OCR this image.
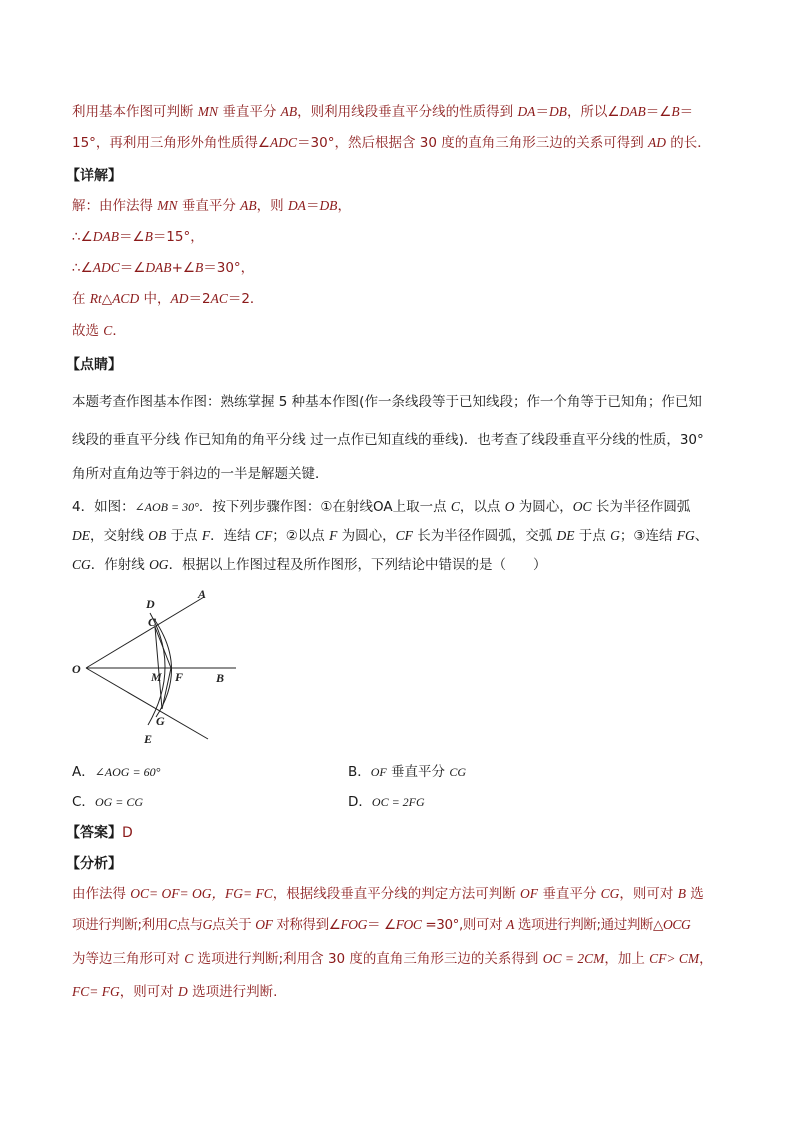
利用基本作图可判断 MN 垂直平分 AB，则利用线段垂直平分线的性质得到 DA＝DB，所以∠DAB＝∠B＝
15°，再利用三角形外角性质得∠ADC＝30°，然后根据含 30 度的直角三角形三边的关系可得到 AD 的长．
【详解】
解：由作法得 MN 垂直平分 AB，则 DA＝DB，
∴∠DAB＝∠B＝15°，
∴∠ADC＝∠DAB+∠B＝30°，
在 Rt△ACD 中，AD＝2AC＝2．
故选 C．
【点睛】
本题考查作图基本作图：熟练掌握 5 种基本作图(作一条线段等于已知线段；作一个角等于已知角；作已知
线段的垂直平分线 作已知角的角平分线 过一点作已知直线的垂线)．也考查了线段垂直平分线的性质，30°
角所对直角边等于斜边的一半是解题关键．
4．如图：∠AOB = 30°．按下列步骤作图：①在射线OA上取一点 C，以点 O 为圆心，OC 长为半径作圆弧
DE，交射线 OB 于点 F．连结 CF；②以点 F 为圆心，CF 长为半径作圆弧，交弧 DE 于点 G；③连结 FG、
CG．作射线 OG．根据以上作图过程及所作图形，下列结论中错误的是（　　）
D
A
C
O
M F	B
G
E
A．∠AOG = 60°	B．OF 垂直平分 CG
C．OG = CG	D．OC = 2FG
【答案】D
【分析】
由作法得 OC= OF= OG，FG= FC，根据线段垂直平分线的判定方法可判断 OF 垂直平分 CG，则可对 B 选
项进行判断;利用C点与G点关于 OF 对称得到∠FOG＝ ∠FOC =30°,则可对 A 选项进行判断;通过判断△OCG
为等边三角形可对 C 选项进行判断;利用含 30 度的直角三角形三边的关系得到 OC = 2CM，加上 CF> CM，
FC= FG，则可对 D 选项进行判断.
